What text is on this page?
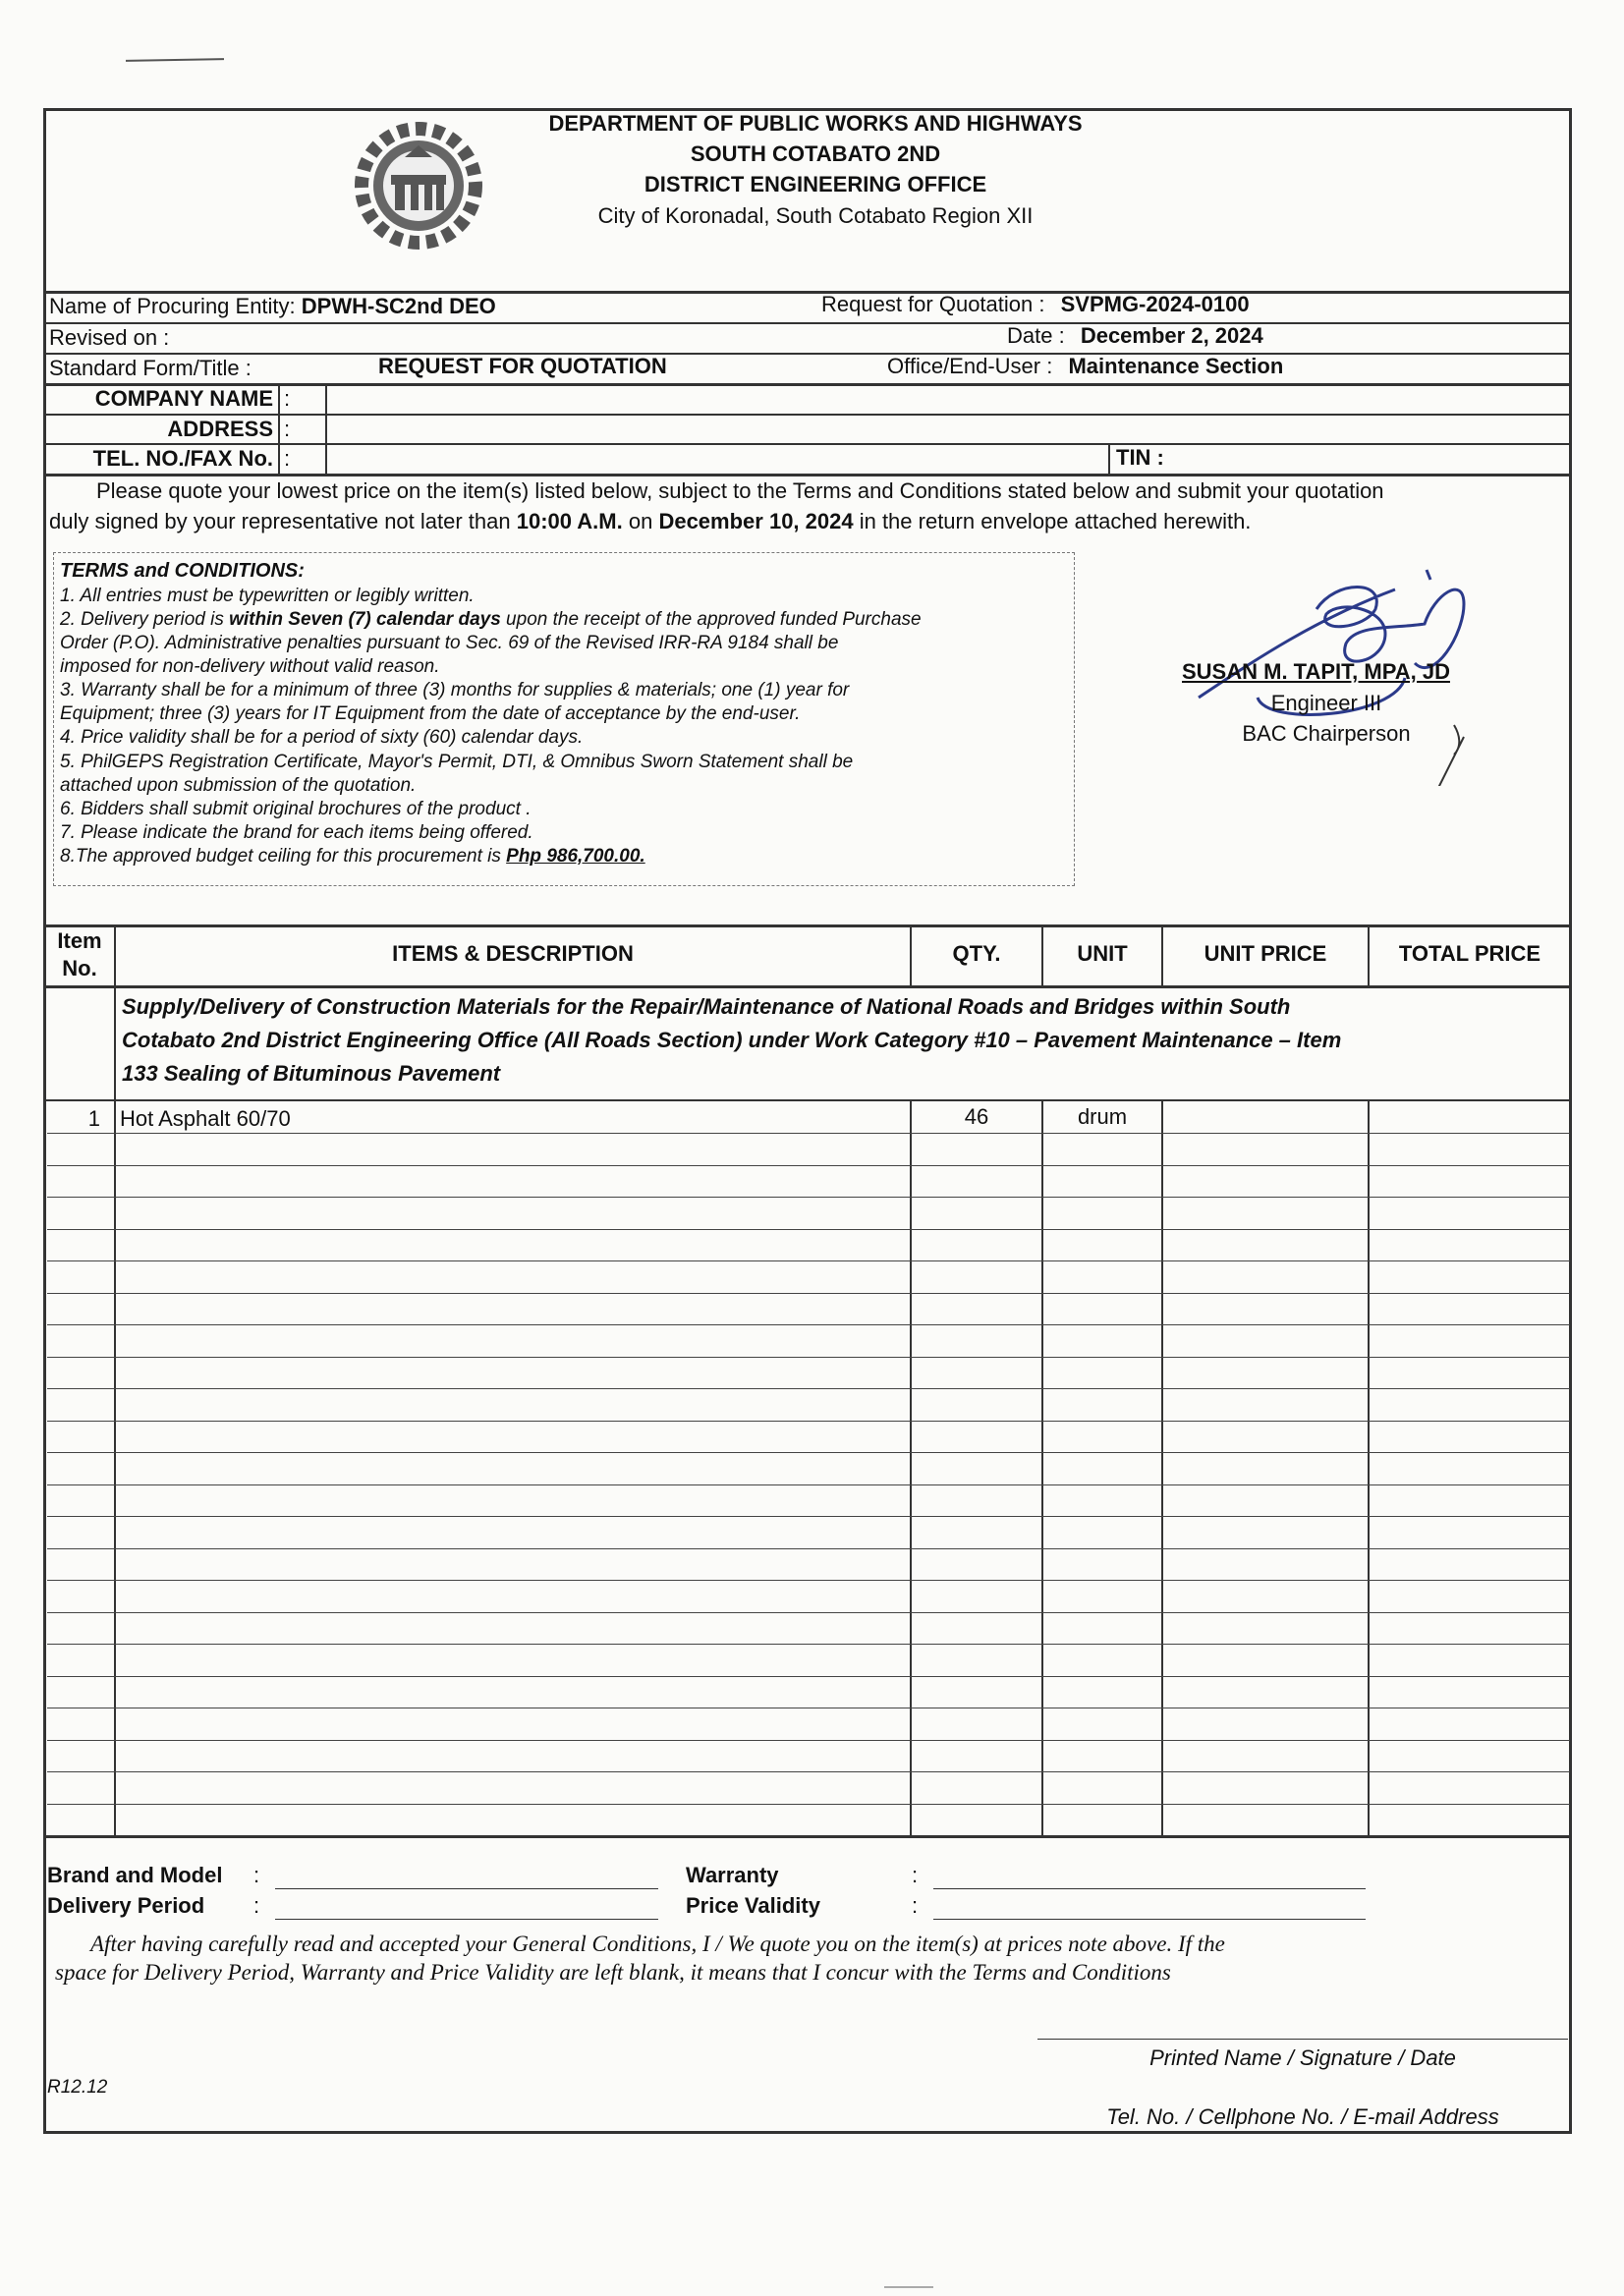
DEPARTMENT OF PUBLIC WORKS AND HIGHWAYS
SOUTH COTABATO 2ND
DISTRICT ENGINEERING OFFICE
City of Koronadal, South Cotabato Region XII
Name of Procuring Entity: DPWH-SC2nd DEO	Request for Quotation : SVPMG-2024-0100
Revised on :	Date : December 2, 2024
Standard Form/Title :	REQUEST FOR QUOTATION	Office/End-User : Maintenance Section
COMPANY NAME :
ADDRESS :
TEL. NO./FAX No. :	TIN :
Please quote your lowest price on the item(s) listed below, subject to the Terms and Conditions stated below and submit your quotation
duly signed by your representative not later than 10:00 A.M. on December 10, 2024 in the return envelope attached herewith.
TERMS and CONDITIONS:
1. All entries must be typewritten or legibly written.
2. Delivery period is within Seven (7) calendar days upon the receipt of the approved funded Purchase
Order (P.O). Administrative penalties pursuant to Sec. 69 of the Revised IRR-RA 9184 shall be
imposed for non-delivery without valid reason.
3. Warranty shall be for a minimum of three (3) months for supplies & materials; one (1) year for
Equipment; three (3) years for IT Equipment from the date of acceptance by the end-user.
4. Price validity shall be for a period of sixty (60) calendar days.
5. PhilGEPS Registration Certificate, Mayor's Permit, DTI, & Omnibus Sworn Statement shall be
attached upon submission of the quotation.
6. Bidders shall submit original brochures of the product .
7. Please indicate the brand for each items being offered.
8.The approved budget ceiling for this procurement is Php 986,700.00.
SUSAN M. TAPIT, MPA, JD
Engineer III
BAC Chairperson
Item
No.
ITEMS & DESCRIPTION	QTY.	UNIT	UNIT PRICE	TOTAL PRICE
Supply/Delivery of Construction Materials for the Repair/Maintenance of National Roads and Bridges within South
Cotabato 2nd District Engineering Office (All Roads Section) under Work Category #10 – Pavement Maintenance – Item
133 Sealing of Bituminous Pavement
1 Hot Asphalt 60/70	46	drum
Brand and Model :
Delivery Period :
Warranty	:
Price Validity	:
After having carefully read and accepted your General Conditions, I / We quote you on the item(s) at prices note above. If the
space for Delivery Period, Warranty and Price Validity are left blank, it means that I concur with the Terms and Conditions
Printed Name / Signature / Date
R12.12
Tel. No. / Cellphone No. / E-mail Address
